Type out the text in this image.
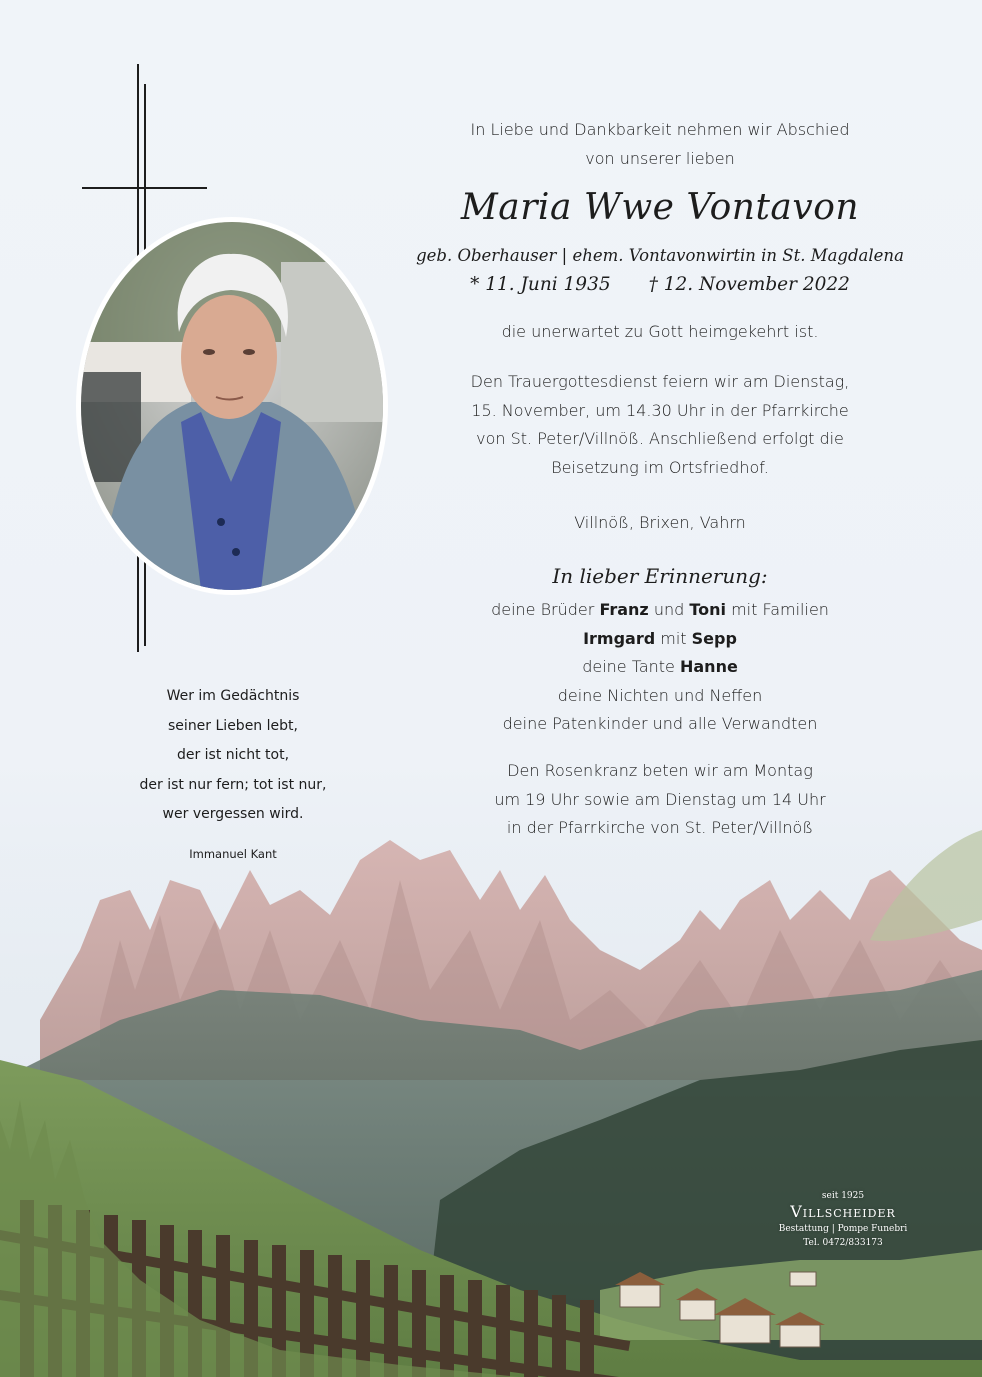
In Liebe und Dankbarkeit nehmen wir Abschied
von unserer lieben
Maria Wwe Vontavon
geb. Oberhauser | ehem. Vontavonwirtin in St. Magdalena
* 11. Juni 1935 † 12. November 2022
die unerwartet zu Gott heimgekehrt ist.
Den Trauergottesdienst feiern wir am Dienstag,
15. November, um 14.30 Uhr in der Pfarrkirche
von St. Peter/Villnöß. Anschließend erfolgt die
Beisetzung im Ortsfriedhof.
Villnöß, Brixen, Vahrn
In lieber Erinnerung:
deine Brüder Franz und Toni mit Familien
Irmgard mit Sepp
deine Tante Hanne
deine Nichten und Neffen
deine Patenkinder und alle Verwandten
Den Rosenkranz beten wir am Montag
um 19 Uhr sowie am Dienstag um 14 Uhr
in der Pfarrkirche von St. Peter/Villnöß
Wer im Gedächtnis
seiner Lieben lebt,
der ist nicht tot,
der ist nur fern; tot ist nur,
wer vergessen wird.
Immanuel Kant
seit 1925
Villscheider
Bestattung | Pompe Funebri
Tel. 0472/833173
